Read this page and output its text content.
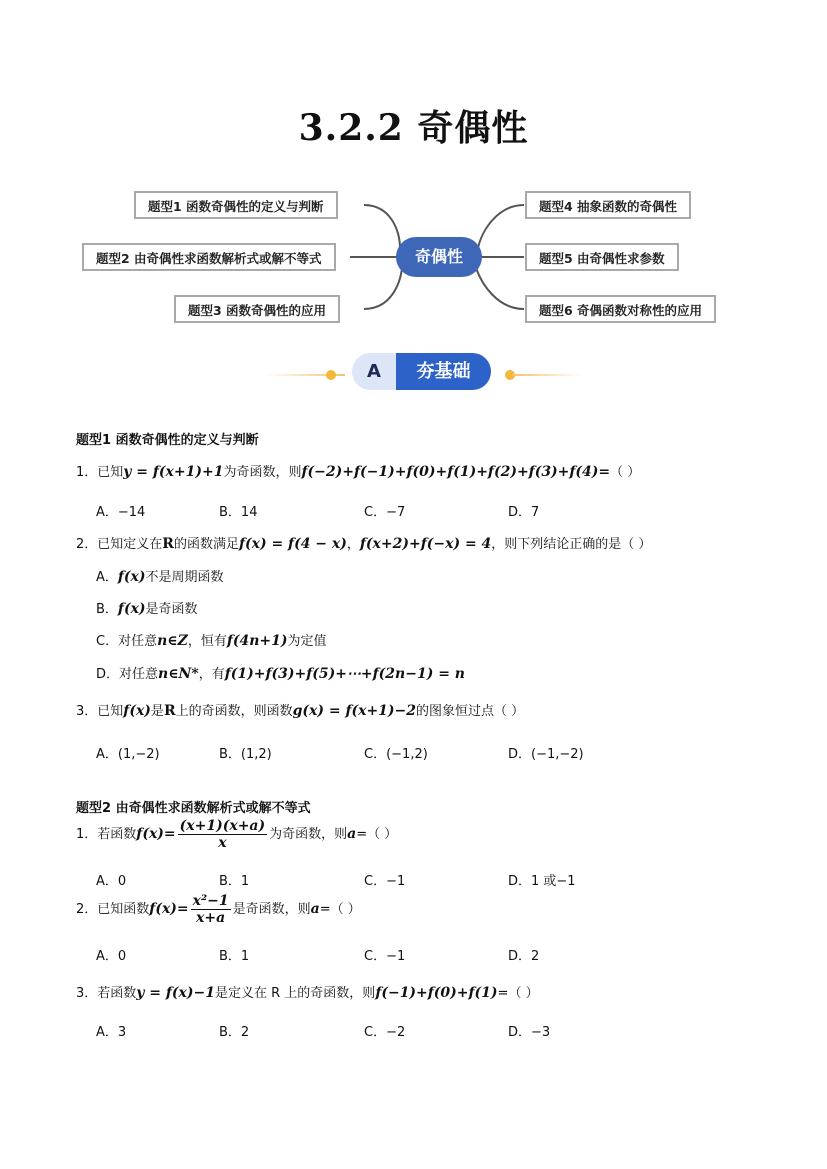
3.2.2 奇偶性
题型1 函数奇偶性的定义与判断
题型2 由奇偶性求函数解析式或解不等式
题型3 函数奇偶性的应用
奇偶性
题型4 抽象函数的奇偶性
题型5 由奇偶性求参数
题型6 奇偶函数对称性的应用
A	夯基础
题型1 函数奇偶性的定义与判断
1．已知y = f(x+1)+1为奇函数，则f(−2)+f(−1)+f(0)+f(1)+f(2)+f(3)+f(4)=（ ）
A．−14	B．14	C．−7	D．7
2．已知定义在R的函数满足f(x) = f(4 − x)，f(x+2)+f(−x) = 4，则下列结论正确的是（ ）
A．f(x)不是周期函数
B．f(x)是奇函数
C．对任意n∈Z，恒有f(4n+1)为定值
D．对任意n∈N*，有f(1)+f(3)+f(5)+⋯+f(2n−1) = n
3．已知f(x)是R上的奇函数，则函数g(x) = f(x+1)−2的图象恒过点（ ）
A．(1,−2)	B．(1,2)	C．(−1,2)	D．(−1,−2)
题型2 由奇偶性求函数解析式或解不等式
1．若函数$f(x)= \frac{(x+1)(x+a)}{x}$ 为奇函数，则a=（ ）
A．0	B．1	C．−1	D．1 或−1
2．已知函数$f(x)= \frac{\text{x²−1}}{x+a}$ 是奇函数，则a=（ ）
A．0	B．1	C．−1	D．2
3．若函数y = f(x)−1是定义在 R 上的奇函数，则f(−1)+f(0)+f(1)=（ ）
A．3	B．2	C．−2	D．−3
